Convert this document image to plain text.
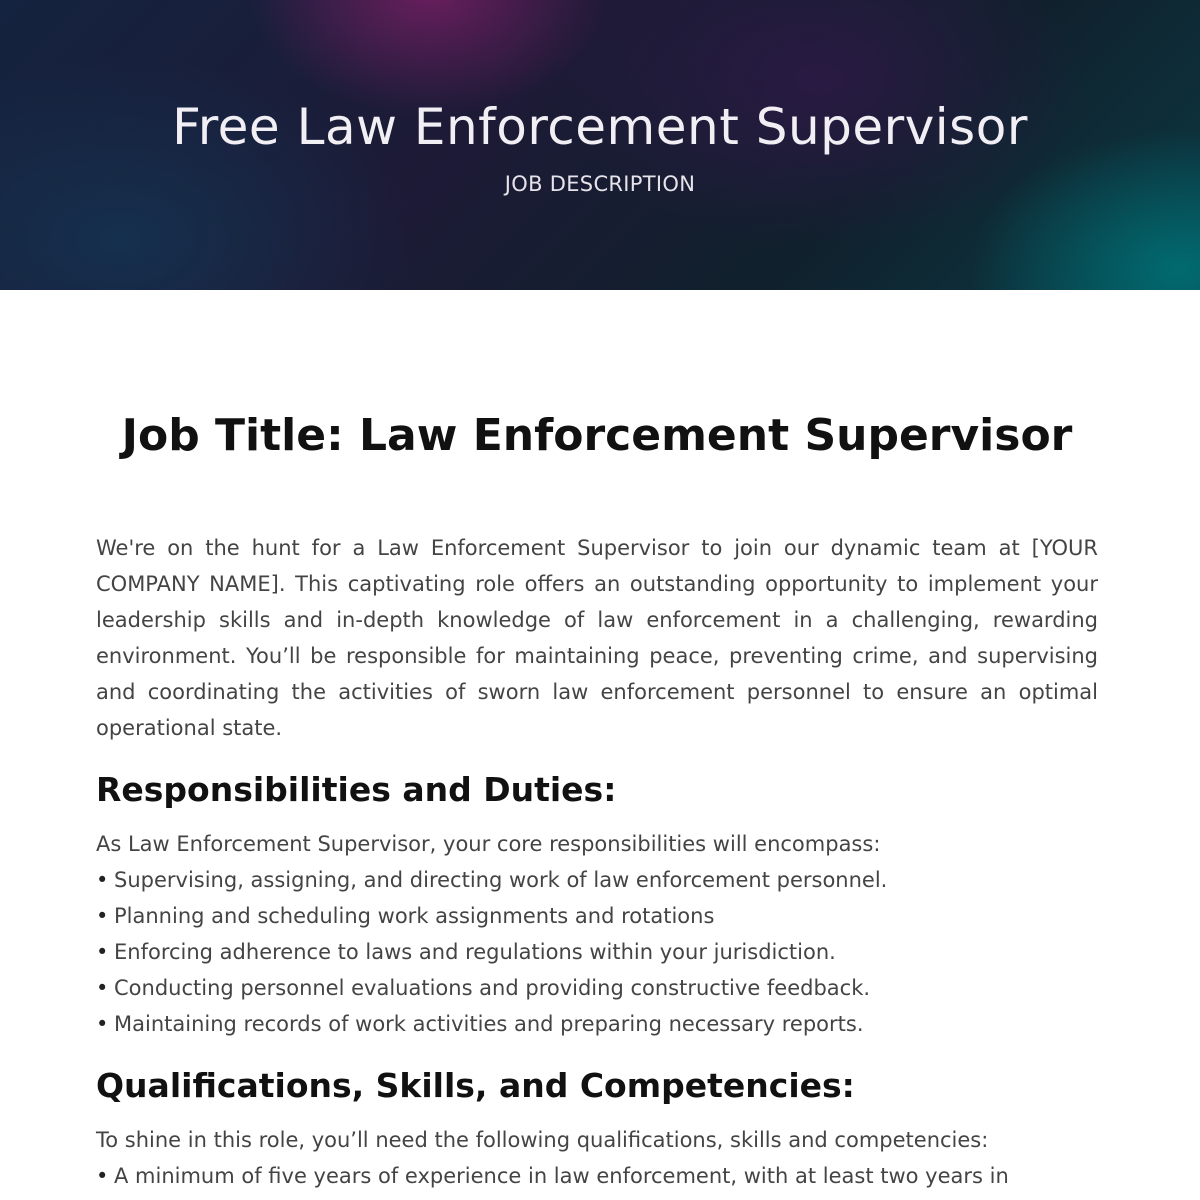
Free Law Enforcement Supervisor
JOB DESCRIPTION
Job Title: Law Enforcement Supervisor

We're on the hunt for a Law Enforcement Supervisor to join our dynamic team at [YOUR COMPANY NAME]. This captivating role offers an outstanding opportunity to implement your leadership skills and in-depth knowledge of law enforcement in a challenging, rewarding environment. You’ll be responsible for maintaining peace, preventing crime, and supervising and coordinating the activities of sworn law enforcement personnel to ensure an optimal operational state.

Responsibilities and Duties:
As Law Enforcement Supervisor, your core responsibilities will encompass:
• Supervising, assigning, and directing work of law enforcement personnel.
• Planning and scheduling work assignments and rotations
• Enforcing adherence to laws and regulations within your jurisdiction.
• Conducting personnel evaluations and providing constructive feedback.
• Maintaining records of work activities and preparing necessary reports.
Qualifications, Skills, and Competencies:
To shine in this role, you’ll need the following qualifications, skills and competencies:
• A minimum of five years of experience in law enforcement, with at least two years in
